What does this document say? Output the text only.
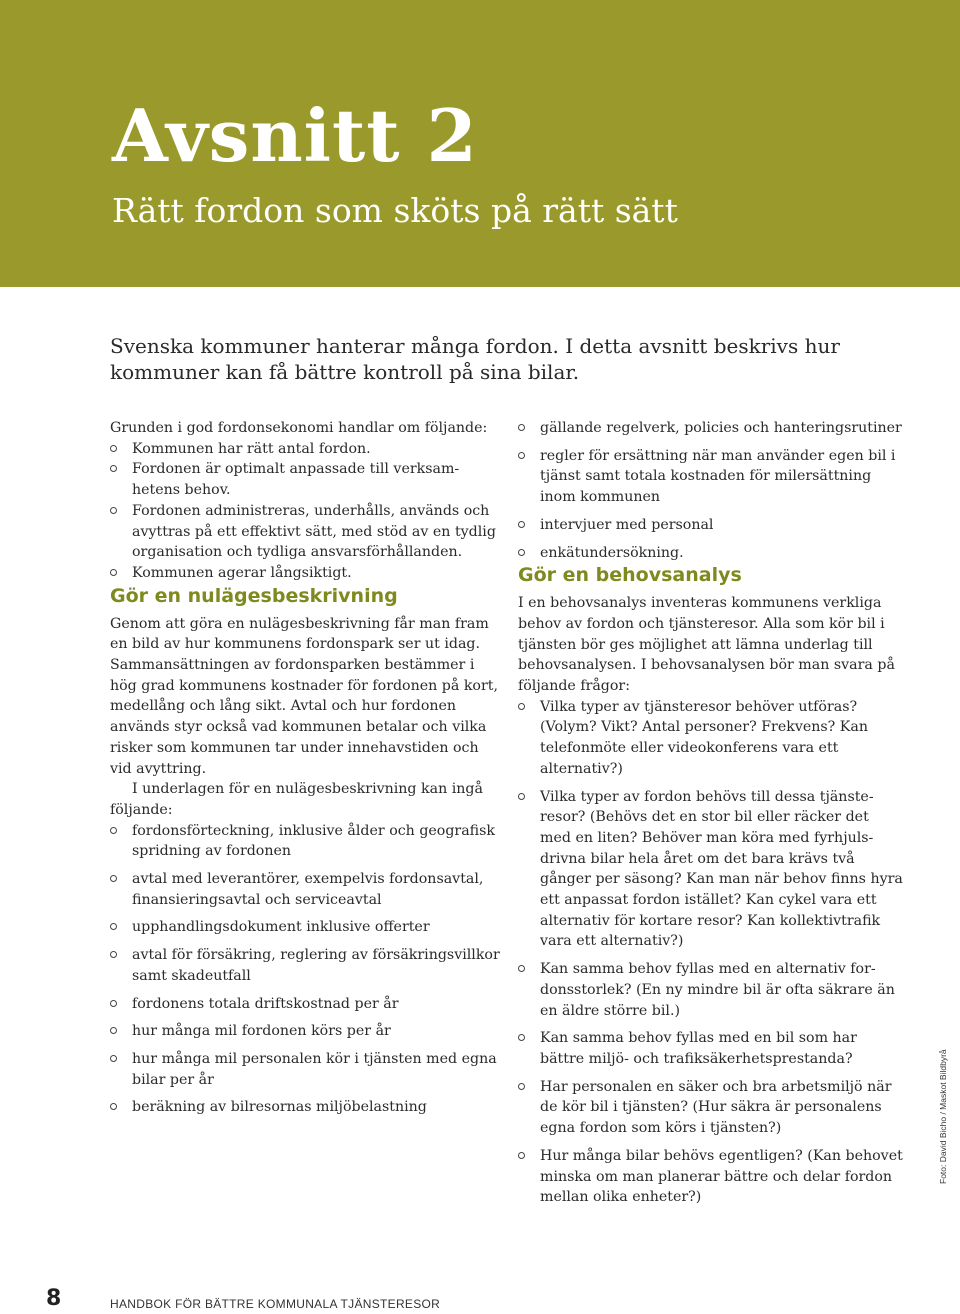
Avsnitt 2
Rätt fordon som sköts på rätt sätt

Svenska kommuner hanterar många fordon. I detta avsnitt beskrivs hur kommuner kan få bättre kontroll på sina bilar.

Grunden i god fordonsekonomi handlar om följande:

Kommunen har rätt antal fordon.
Fordonen är optimalt anpassade till verksamhetens behov.
Fordonen administreras, underhålls, används och avyttras på ett effektivt sätt, med stöd av en tydlig organisation och tydliga ansvarsförhållanden.
Kommunen agerar långsiktigt.
Gör en nulägesbeskrivning

Genom att göra en nulägesbeskrivning får man fram en bild av hur kommunens fordonspark ser ut idag. Sammansättningen av fordonsparken bestämmer i hög grad kommunens kostnader för fordonen på kort, medellång och lång sikt. Avtal och hur fordonen används styr också vad kommunen betalar och vilka risker som kommunen tar under innehavstiden och vid avyttring.

I underlagen för en nulägesbeskrivning kan ingå följande:

fordonsförteckning, inklusive ålder och geografisk spridning av fordonen
avtal med leverantörer, exempelvis fordonsavtal, finansieringsavtal och serviceavtal
upphandlingsdokument inklusive offerter
avtal för försäkring, reglering av försäkringsvillkor samt skadeutfall
fordonens totala driftskostnad per år
hur många mil fordonen körs per år
hur många mil personalen kör i tjänsten med egna bilar per år
beräkning av bilresornas miljöbelastning
gällande regelverk, policies och hanteringsrutiner
regler för ersättning när man använder egen bil i tjänst samt totala kostnaden för milersättning inom kommunen
intervjuer med personal
enkätundersökning.
Gör en behovsanalys

I en behovsanalys inventeras kommunens verkliga behov av fordon och tjänsteresor. Alla som kör bil i tjänsten bör ges möjlighet att lämna underlag till behovsanalysen. I behovsanalysen bör man svara på följande frågor:

Vilka typer av tjänsteresor behöver utföras? (Volym? Vikt? Antal personer? Frekvens? Kan telefonmöte eller videokonferens vara ett alternativ?)
Vilka typer av fordon behövs till dessa tjänsteresor? (Behövs det en stor bil eller räcker det med en liten? Behöver man köra med fyrhjulsdrivna bilar hela året om det bara krävs två gånger per säsong? Kan man när behov finns hyra ett anpassat fordon istället? Kan cykel vara ett alternativ för kortare resor? Kan kollektivtrafik vara ett alternativ?)
Kan samma behov fyllas med en alternativ fordonsstorlek? (En ny mindre bil är ofta säkrare än en äldre större bil.)
Kan samma behov fyllas med en bil som har bättre miljö- och trafiksäkerhetsprestanda?
Har personalen en säker och bra arbetsmiljö när de kör bil i tjänsten? (Hur säkra är personalens egna fordon som körs i tjänsten?)
Hur många bilar behövs egentligen? (Kan behovet minska om man planerar bättre och delar fordon mellan olika enheter?)
Foto: David Bicho / Maskot Bildbyrå
8	HANDBOK FÖR BÄTTRE KOMMUNALA TJÄNSTERESOR
